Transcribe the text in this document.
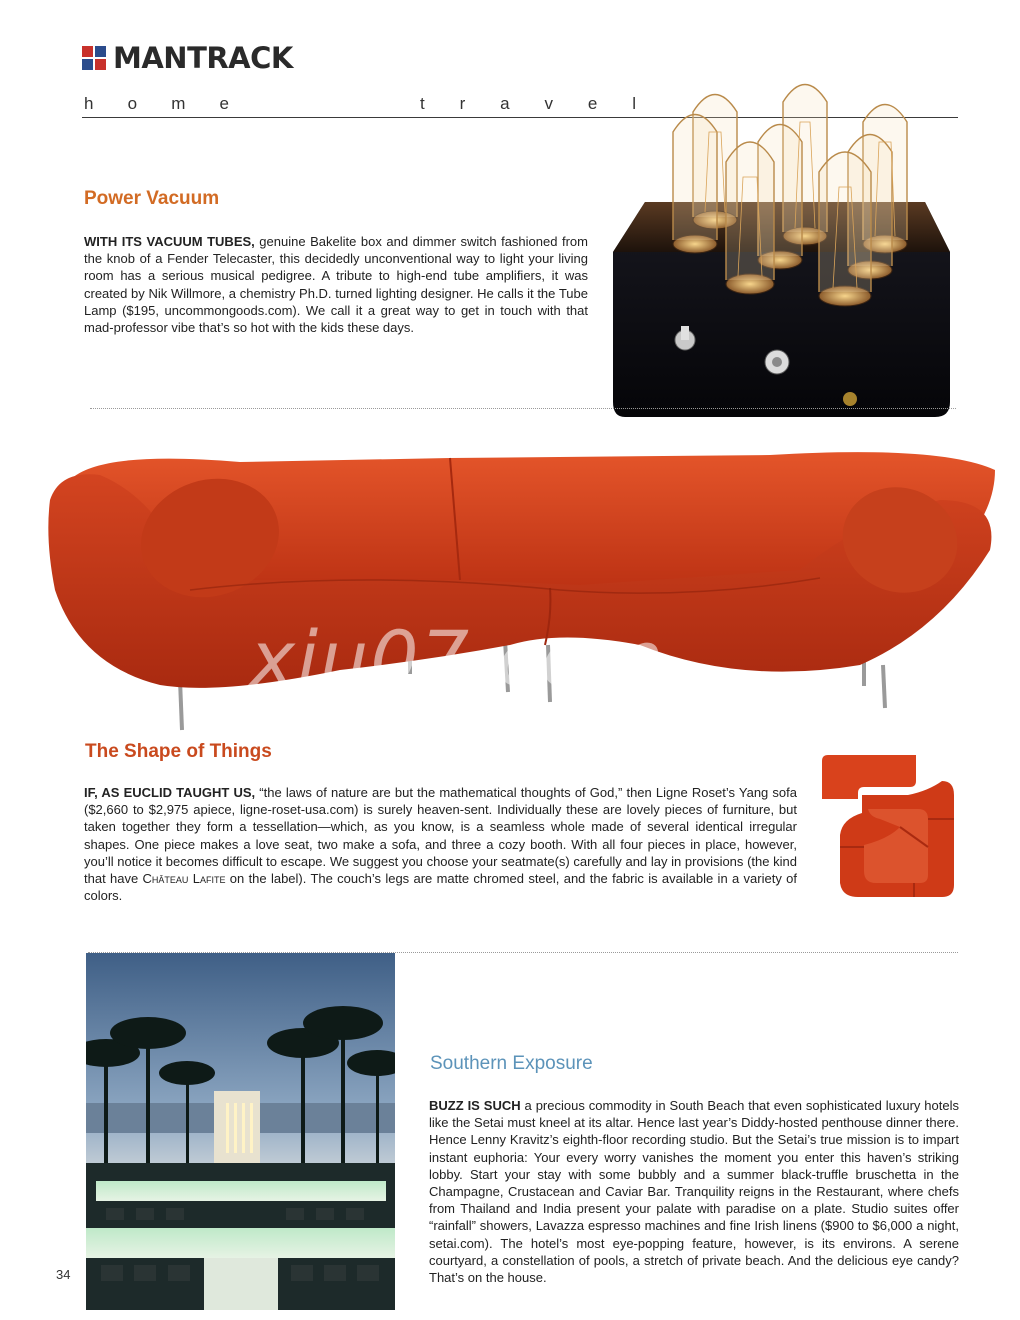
MANTRACK
h o m e	t r a v e l
Power Vacuum

WITH ITS VACUUM TUBES, genuine Bakelite box and dimmer switch fashioned from the knob of a Fender Telecaster, this decidedly unconventional way to light your living room has a serious musical pedigree. A tribute to high-end tube amplifiers, it was created by Nik Willmore, a chemistry Ph.D. turned lighting designer. He calls it the Tube Lamp ($195, uncommongoods.com). We call it a great way to get in touch with that mad-professor vibe that’s so hot with the kids these days.

xiu07.com
The Shape of Things

IF, AS EUCLID TAUGHT US, “the laws of nature are but the mathematical thoughts of God,” then Ligne Roset’s Yang sofa ($2,660 to $2,975 apiece, ligne-roset-usa.com) is surely heaven-sent. Individually these are lovely pieces of furniture, but taken together they form a tessellation—which, as you know, is a seamless whole made of several identical irregular shapes. One piece makes a love seat, two make a sofa, and three a cozy booth. With all four pieces in place, however, you’ll notice it becomes difficult to escape. We suggest you choose your seatmate(s) carefully and lay in provisions (the kind that have Château Lafite on the label). The couch’s legs are matte chromed steel, and the fabric is available in a variety of colors.

Southern Exposure

BUZZ IS SUCH a precious commodity in South Beach that even sophisticated luxury hotels like the Setai must kneel at its altar. Hence last year’s Diddy-hosted penthouse dinner there. Hence Lenny Kravitz’s eighth-floor recording studio. But the Setai’s true mission is to impart instant euphoria: Your every worry vanishes the moment you enter this haven’s striking lobby. Start your stay with some bubbly and a summer black-truffle bruschetta in the Champagne, Crustacean and Caviar Bar. Tranquility reigns in the Restaurant, where chefs from Thailand and India present your palate with paradise on a plate. Studio suites offer “rainfall” showers, Lavazza espresso machines and fine Irish linens ($900 to $6,000 a night, setai.com). The hotel’s most eye-popping feature, however, is its environs. A serene courtyard, a constellation of pools, a stretch of private beach. And the delicious eye candy? That’s on the house.

34
